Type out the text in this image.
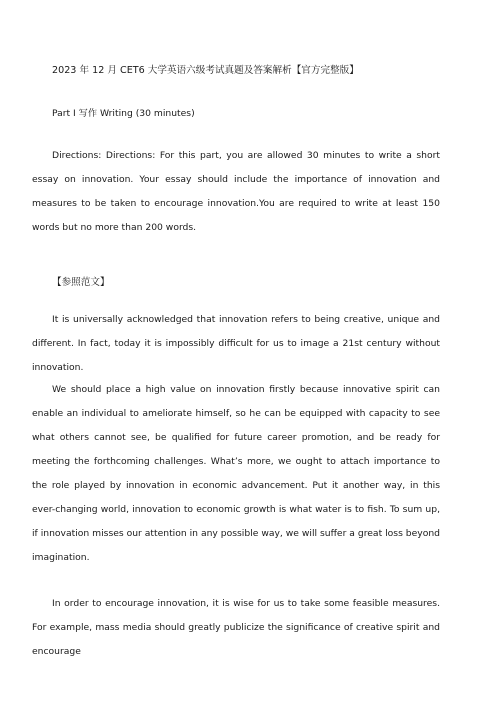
2023 年 12 月 CET6 大学英语六级考试真题及答案解析【官方完整版】
Part I 写作 Writing (30 minutes)
Directions: Directions: For this part, you are allowed 30 minutes to write a short essay on innovation. Your essay should include the importance of innovation and measures to be taken to encourage innovation.You are required to write at least 150 words but no more than 200 words.
【参照范文】
It is universally acknowledged that innovation refers to being creative, unique and different. In fact, today it is impossibly difficult for us to image a 21st century without innovation.
We should place a high value on innovation firstly because innovative spirit can enable an individual to ameliorate himself, so he can be equipped with capacity to see what others cannot see, be qualified for future career promotion, and be ready for meeting the forthcoming challenges. What’s more, we ought to attach importance to the role played by innovation in economic advancement. Put it another way, in this ever-changing world, innovation to economic growth is what water is to fish. To sum up, if innovation misses our attention in any possible way, we will suffer a great loss beyond imagination.
In order to encourage innovation, it is wise for us to take some feasible measures. For example, mass media should greatly publicize the significance of creative spirit and encourage
